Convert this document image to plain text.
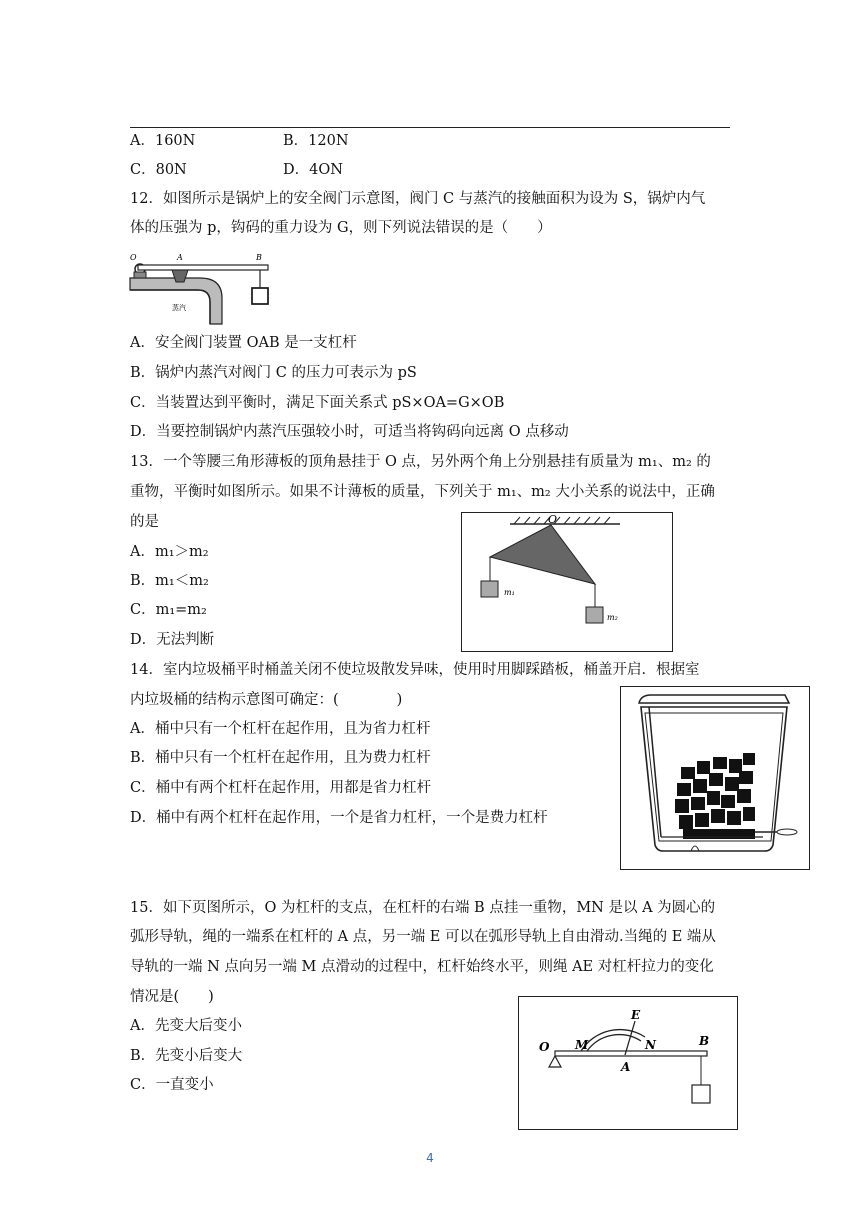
A．160N	B．120N
C．80N	D．4ON
12．如图所示是锅炉上的安全阀门示意图，阀门 C 与蒸汽的接触面积为设为 S，锅炉内气
体的压强为 p，钩码的重力设为 G，则下列说法错误的是（　　）
O	A	B
蒸汽
A．安全阀门装置 OAB 是一支杠杆
B．锅炉内蒸汽对阀门 C 的压力可表示为 pS
C．当装置达到平衡时，满足下面关系式 pS×OA=G×OB
D．当要控制锅炉内蒸汽压强较小时，可适当将钩码向远离 O 点移动
13．一个等腰三角形薄板的顶角悬挂于 O 点，另外两个角上分别悬挂有质量为 m₁、m₂ 的
重物，平衡时如图所示。如果不计薄板的质量，下列关于 m₁、m₂ 大小关系的说法中，正确
的是
A．m₁＞m₂
B．m₁＜m₂
C．m₁=m₂
D．无法判断
O
m₁
m₂
14．室内垃圾桶平时桶盖关闭不使垃圾散发异味，使用时用脚踩踏板，桶盖开启．根据室
内垃圾桶的结构示意图可确定：(　　　　)
A．桶中只有一个杠杆在起作用，且为省力杠杆
B．桶中只有一个杠杆在起作用，且为费力杠杆
C．桶中有两个杠杆在起作用，用都是省力杠杆
D．桶中有两个杠杆在起作用，一个是省力杠杆，一个是费力杠杆
15．如下页图所示，O 为杠杆的支点，在杠杆的右端 B 点挂一重物，MN 是以 A 为圆心的
弧形导轨，绳的一端系在杠杆的 A 点，另一端 E 可以在弧形导轨上自由滑动.当绳的 E 端从
导轨的一端 N 点向另一端 M 点滑动的过程中，杠杆始终水平，则绳 AE 对杠杆拉力的变化
情况是(　　)
A．先变大后变小
B．先变小后变大
C．一直变小
O M
E
N
A
B
4
